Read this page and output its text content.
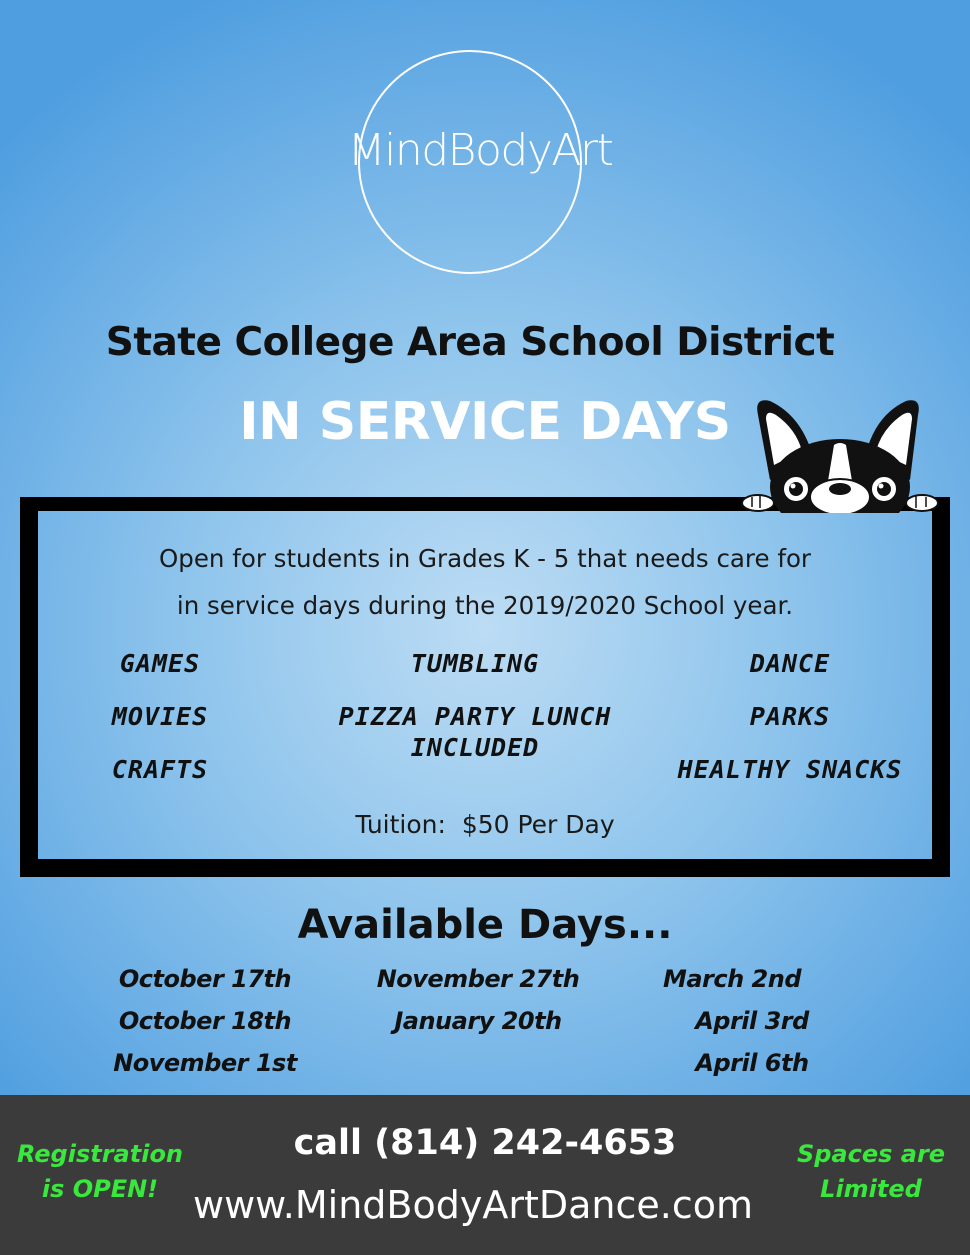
MindBodyArt
State College Area School District
IN SERVICE DAYS
Open for students in Grades K - 5 that needs care for
in service days during the 2019/2020 School year.
GAMES
MOVIES
CRAFTS
TUMBLING
PIZZA PARTY LUNCH
INCLUDED
DANCE
PARKS
HEALTHY SNACKS
Tuition:  $50 Per Day
Available Days...
October 17th
October 18th
November 1st
November 27th
January 20th
March 2nd
April 3rd
April 6th
call (814) 242-4653
www.MindBodyArtDance.com
Registration
is OPEN!
Spaces are
Limited
